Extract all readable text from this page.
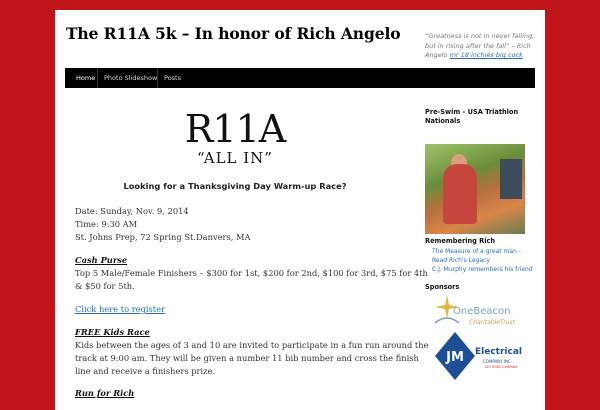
The R11A 5k – In honor of Rich Angelo	“Greatness is not in never falling, but in rising after the fall” – Rich Angelo mr 18 inchies big cock
Home Photo Slideshow Posts
R11A
“ALL IN”
Looking for a Thanksgiving Day Warm-up Race?
Date: Sunday, Nov. 9, 2014
Time: 9:30 AM
St. Johns Prep, 72 Spring St.Danvers, MA
Cash Purse
Top 5 Male/Female Finishers – $300 for 1st, $200 for 2nd, $100 for 3rd, $75 for 4th
& $50 for 5th.
Click here to register
FREE Kids Race
Kids between the ages of 3 and 10 are invited to participate in a fun run around the
track at 9:00 am. They will be given a number 11 bib number and cross the finish
line and receive a finishers prize.
Run for Rich
Pre-Swim - USA Triathlon Nationals
Remembering Rich
The Measure of a great man -
Read Rich's Legacy
C.J. Murphy remembers his friend
Sponsors
OneBeacon
CharitableTrust
JM Electrical
COMPANY INC.
ISO 9001 Certified
